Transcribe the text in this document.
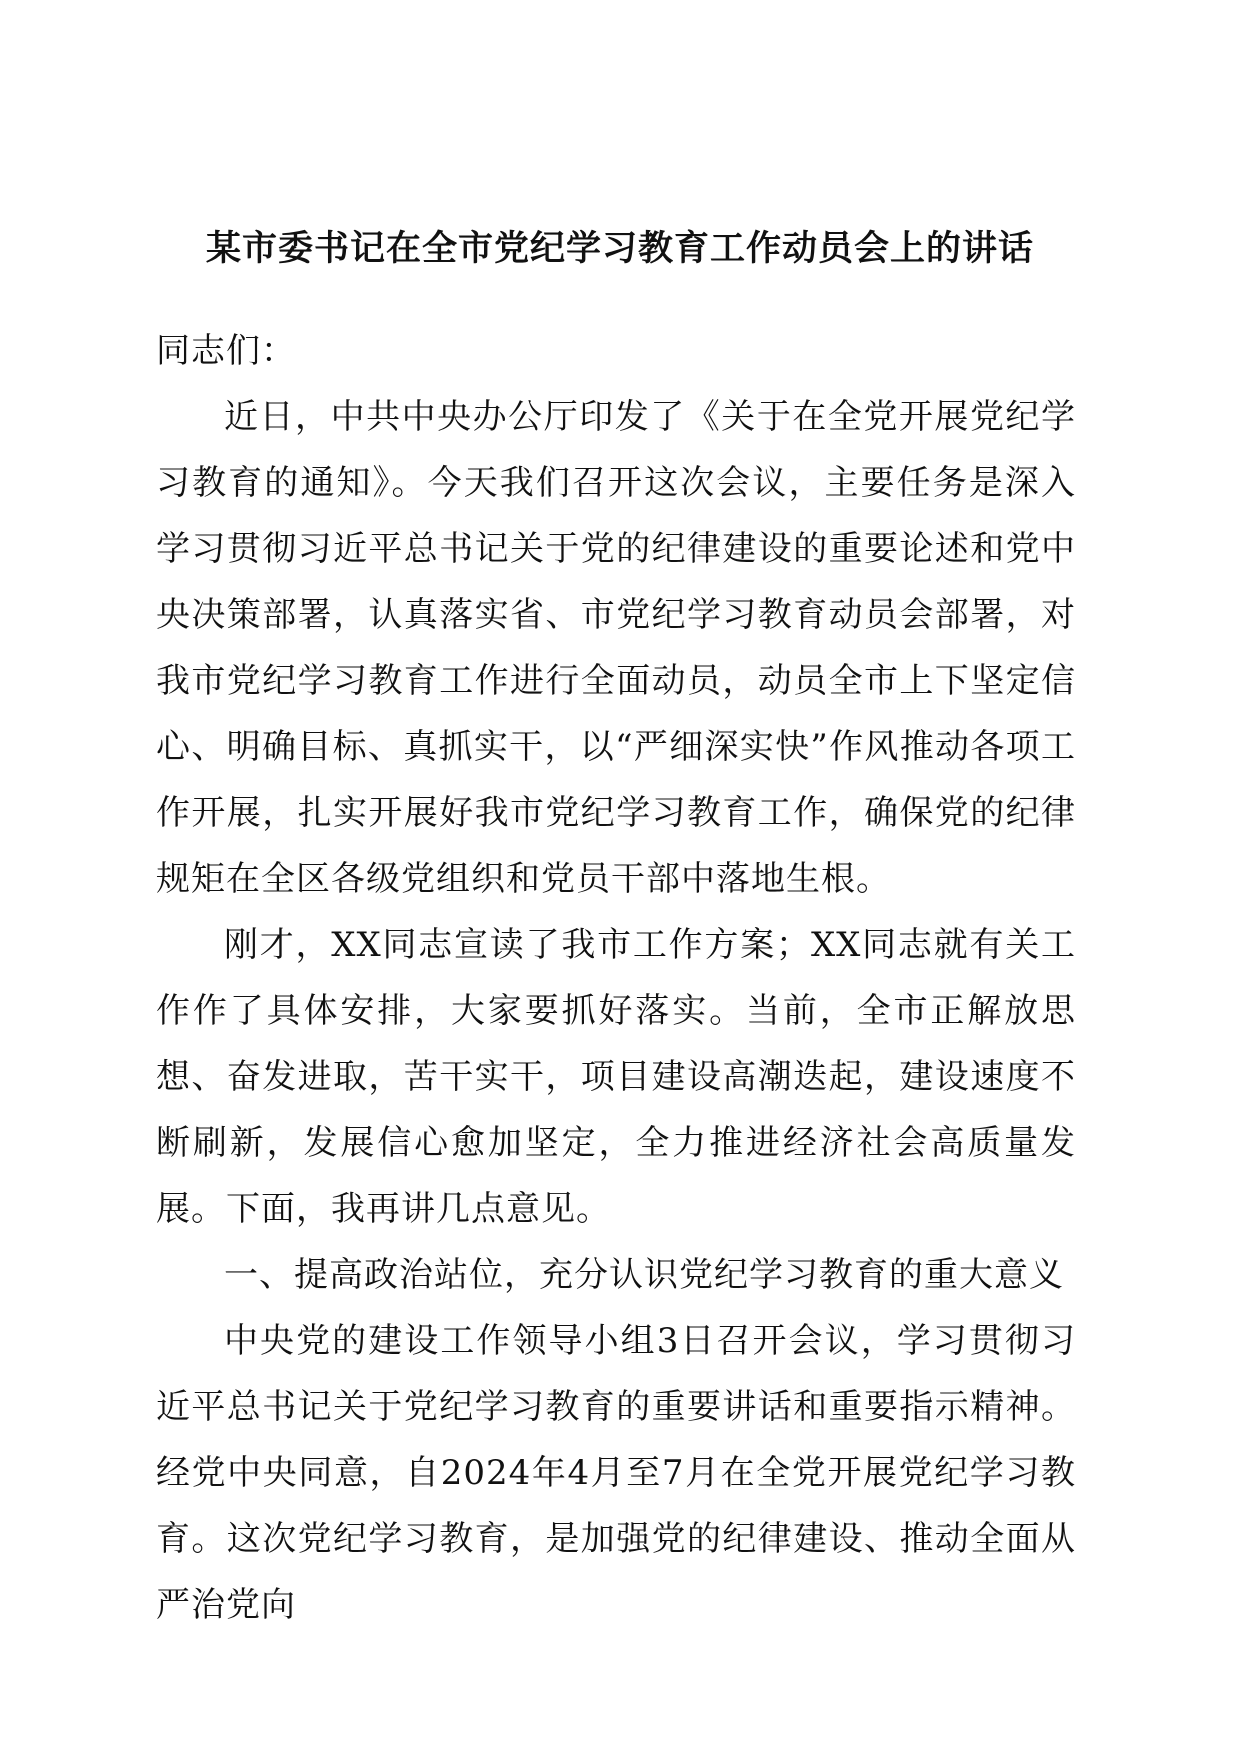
某市委书记在全市党纪学习教育工作动员会上的讲话

同志们：

近日，中共中央办公厅印发了《关于在全党开展党纪学习教育的通知》。今天我们召开这次会议，主要任务是深入学习贯彻习近平总书记关于党的纪律建设的重要论述和党中央决策部署，认真落实省、市党纪学习教育动员会部署，对我市党纪学习教育工作进行全面动员，动员全市上下坚定信心、明确目标、真抓实干，以“严细深实快”作风推动各项工作开展，扎实开展好我市党纪学习教育工作，确保党的纪律规矩在全区各级党组织和党员干部中落地生根。

刚才，XX同志宣读了我市工作方案；XX同志就有关工作作了具体安排，大家要抓好落实。当前，全市正解放思想、奋发进取，苦干实干，项目建设高潮迭起，建设速度不断刷新，发展信心愈加坚定，全力推进经济社会高质量发展。下面，我再讲几点意见。

一、提高政治站位，充分认识党纪学习教育的重大意义

中央党的建设工作领导小组3日召开会议，学习贯彻习近平总书记关于党纪学习教育的重要讲话和重要指示精神。经党中央同意，自2024年4月至7月在全党开展党纪学习教育。这次党纪学习教育，是加强党的纪律建设、推动全面从严治党向
